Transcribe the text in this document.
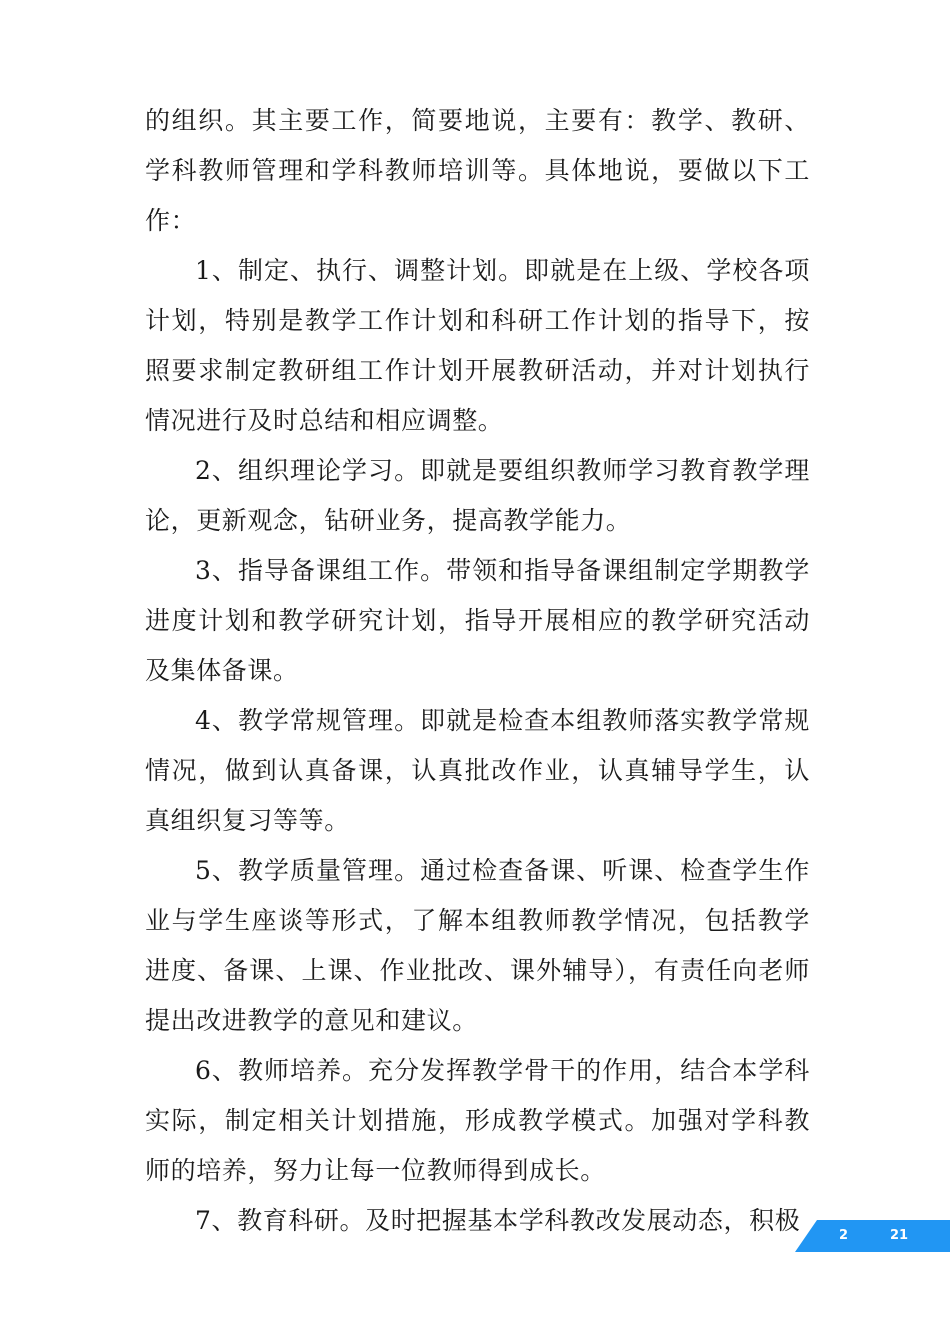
的组织。其主要工作，简要地说，主要有：教学、教研、学科教师管理和学科教师培训等。具体地说，要做以下工作：

1、制定、执行、调整计划。即就是在上级、学校各项计划，特别是教学工作计划和科研工作计划的指导下，按照要求制定教研组工作计划开展教研活动，并对计划执行情况进行及时总结和相应调整。

2、组织理论学习。即就是要组织教师学习教育教学理论，更新观念，钻研业务，提高教学能力。

3、指导备课组工作。带领和指导备课组制定学期教学进度计划和教学研究计划，指导开展相应的教学研究活动及集体备课。

4、教学常规管理。即就是检查本组教师落实教学常规情况，做到认真备课，认真批改作业，认真辅导学生，认真组织复习等等。

5、教学质量管理。通过检查备课、听课、检查学生作业与学生座谈等形式，了解本组教师教学情况，包括教学进度、备课、上课、作业批改、课外辅导），有责任向老师提出改进教学的意见和建议。

6、教师培养。充分发挥教学骨干的作用，结合本学科实际，制定相关计划措施，形成教学模式。加强对学科教师的培养，努力让每一位教师得到成长。

7、教育科研。及时把握基本学科教改发展动态，积极

2	21
